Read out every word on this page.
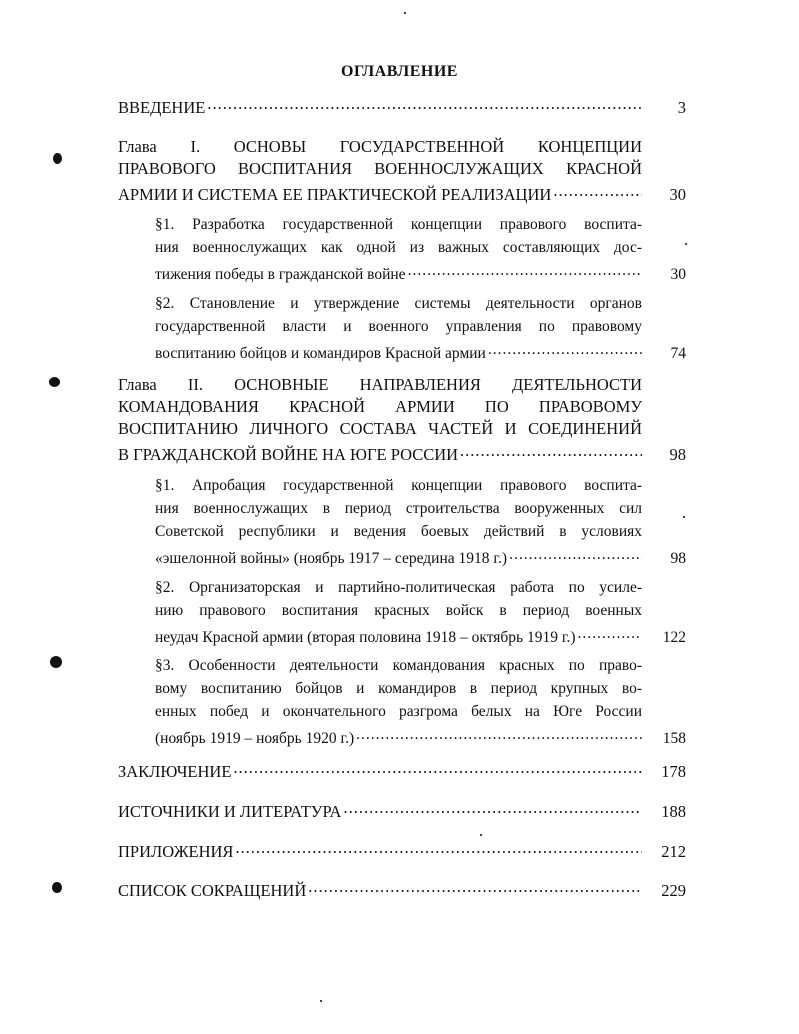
ОГЛАВЛЕНИЕ
ВВЕДЕНИЕ .....	3
Глава I. ОСНОВЫ ГОСУДАРСТВЕННОЙ КОНЦЕПЦИИ
ПРАВОВОГО ВОСПИТАНИЯ ВОЕННОСЛУЖАЩИХ КРАСНОЙ
АРМИИ И СИСТЕМА ЕЕ ПРАКТИЧЕСКОЙ РЕАЛИЗАЦИИ .....	30
§1. Разработка государственной концепции правового воспита-
ния военнослужащих как одной из важных составляющих дос-
тижения победы в гражданской войне .....	30
§2. Становление и утверждение системы деятельности органов
государственной власти и военного управления по правовому
воспитанию бойцов и командиров Красной армии .....	74
Глава II. ОСНОВНЫЕ НАПРАВЛЕНИЯ ДЕЯТЕЛЬНОСТИ
КОМАНДОВАНИЯ КРАСНОЙ АРМИИ ПО ПРАВОВОМУ
ВОСПИТАНИЮ ЛИЧНОГО СОСТАВА ЧАСТЕЙ И СОЕДИНЕНИЙ
В ГРАЖДАНСКОЙ ВОЙНЕ НА ЮГЕ РОССИИ .....	98
§1. Апробация государственной концепции правового воспита-
ния военнослужащих в период строительства вооруженных сил
Советской республики и ведения боевых действий в условиях
«эшелонной войны» (ноябрь 1917 – середина 1918 г.) .....	98
§2. Организаторская и партийно-политическая работа по усиле-
нию правового воспитания красных войск в период военных
неудач Красной армии (вторая половина 1918 – октябрь 1919 г.) .....	122
§3. Особенности деятельности командования красных по право-
вому воспитанию бойцов и командиров в период крупных во-
енных побед и окончательного разгрома белых на Юге России
(ноябрь 1919 – ноябрь 1920 г.) .....	158
ЗАКЛЮЧЕНИЕ .....	178
ИСТОЧНИКИ И ЛИТЕРАТУРА .....	188
ПРИЛОЖЕНИЯ .....	212
СПИСОК СОКРАЩЕНИЙ .....	229
